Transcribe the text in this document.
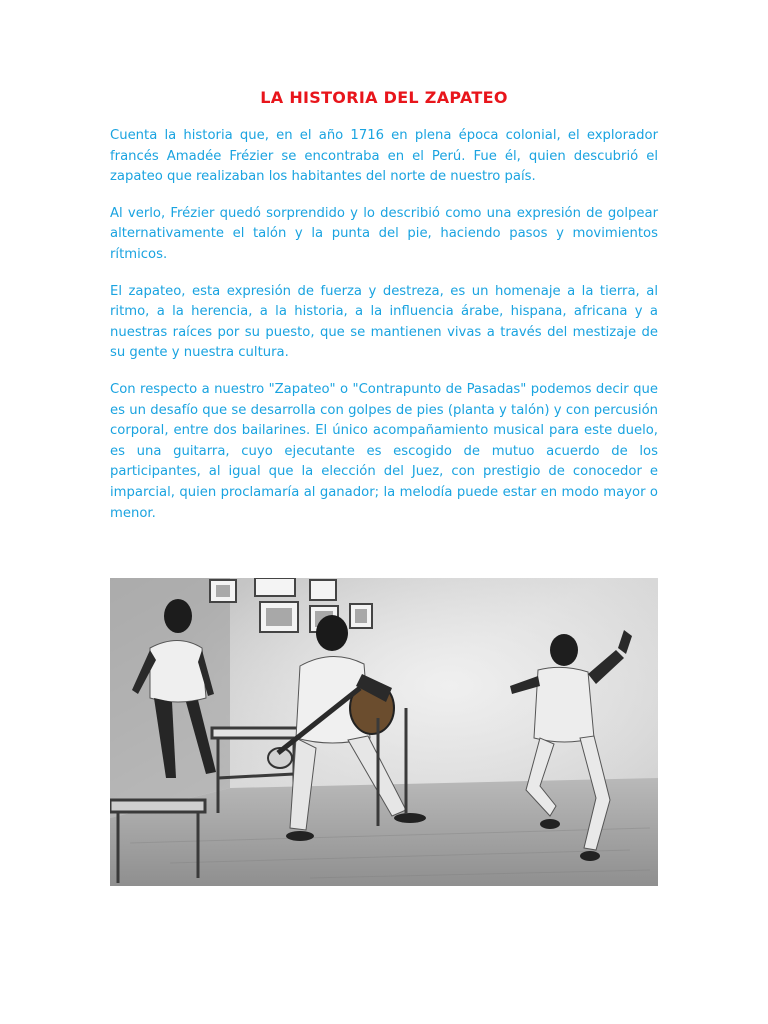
LA HISTORIA DEL ZAPATEO

Cuenta la historia que, en el año 1716 en plena época colonial, el explorador francés Amadée Frézier se encontraba en el Perú. Fue él, quien descubrió el zapateo que realizaban los habitantes del norte de nuestro país.

Al verlo, Frézier quedó sorprendido y lo describió como una expresión de golpear alternativamente el talón y la punta del pie, haciendo pasos y movimientos rítmicos.

El zapateo, esta expresión de fuerza y destreza, es un homenaje a la tierra, al ritmo, a la herencia, a la historia, a la influencia árabe, hispana, africana y a nuestras raíces por su puesto, que se mantienen vivas a través del mestizaje de su gente y nuestra cultura.

Con respecto a nuestro "Zapateo" o "Contrapunto de Pasadas" podemos decir que es un desafío que se desarrolla con golpes de pies (planta y talón) y con percusión corporal, entre dos bailarines. El único acompañamiento musical para este duelo, es una guitarra, cuyo ejecutante es escogido de mutuo acuerdo de los participantes, al igual que la elección del Juez, con prestigio de conocedor e imparcial, quien proclamaría al ganador; la melodía puede estar en modo mayor o menor.
